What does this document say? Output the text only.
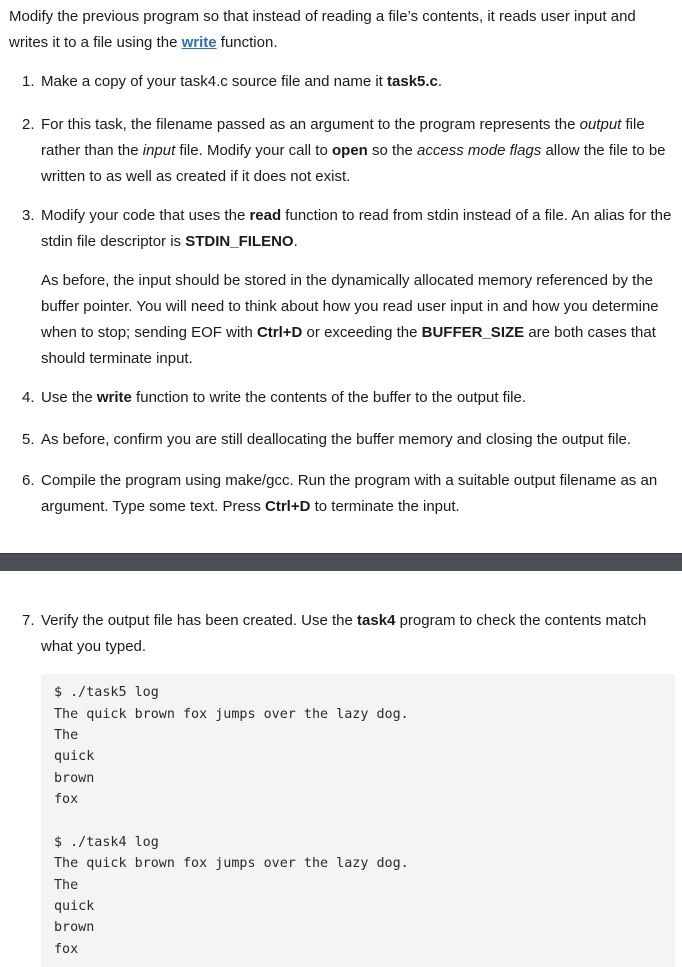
Modify the previous program so that instead of reading a file’s contents, it reads user input and writes it to a file using the write function.

1. Make a copy of your task4.c source file and name it task5.c.
2. For this task, the filename passed as an argument to the program represents the output file rather than the input file. Modify your call to open so the access mode flags allow the file to be written to as well as created if it does not exist.
3. Modify your code that uses the read function to read from stdin instead of a file. An alias for the stdin file descriptor is STDIN_FILENO.

As before, the input should be stored in the dynamically allocated memory referenced by the buffer pointer. You will need to think about how you read user input in and how you determine when to stop; sending EOF with Ctrl+D or exceeding the BUFFER_SIZE are both cases that should terminate input.

4. Use the write function to write the contents of the buffer to the output file.
5. As before, confirm you are still deallocating the buffer memory and closing the output file.
6. Compile the program using make/gcc. Run the program with a suitable output filename as an argument. Type some text. Press Ctrl+D to terminate the input.
7. Verify the output file has been created. Use the task4 program to check the contents match what you typed.
$ ./task5 log
The quick brown fox jumps over the lazy dog.
The
quick
brown
fox
$ ./task4 log
The quick brown fox jumps over the lazy dog.
The
quick
brown
fox
